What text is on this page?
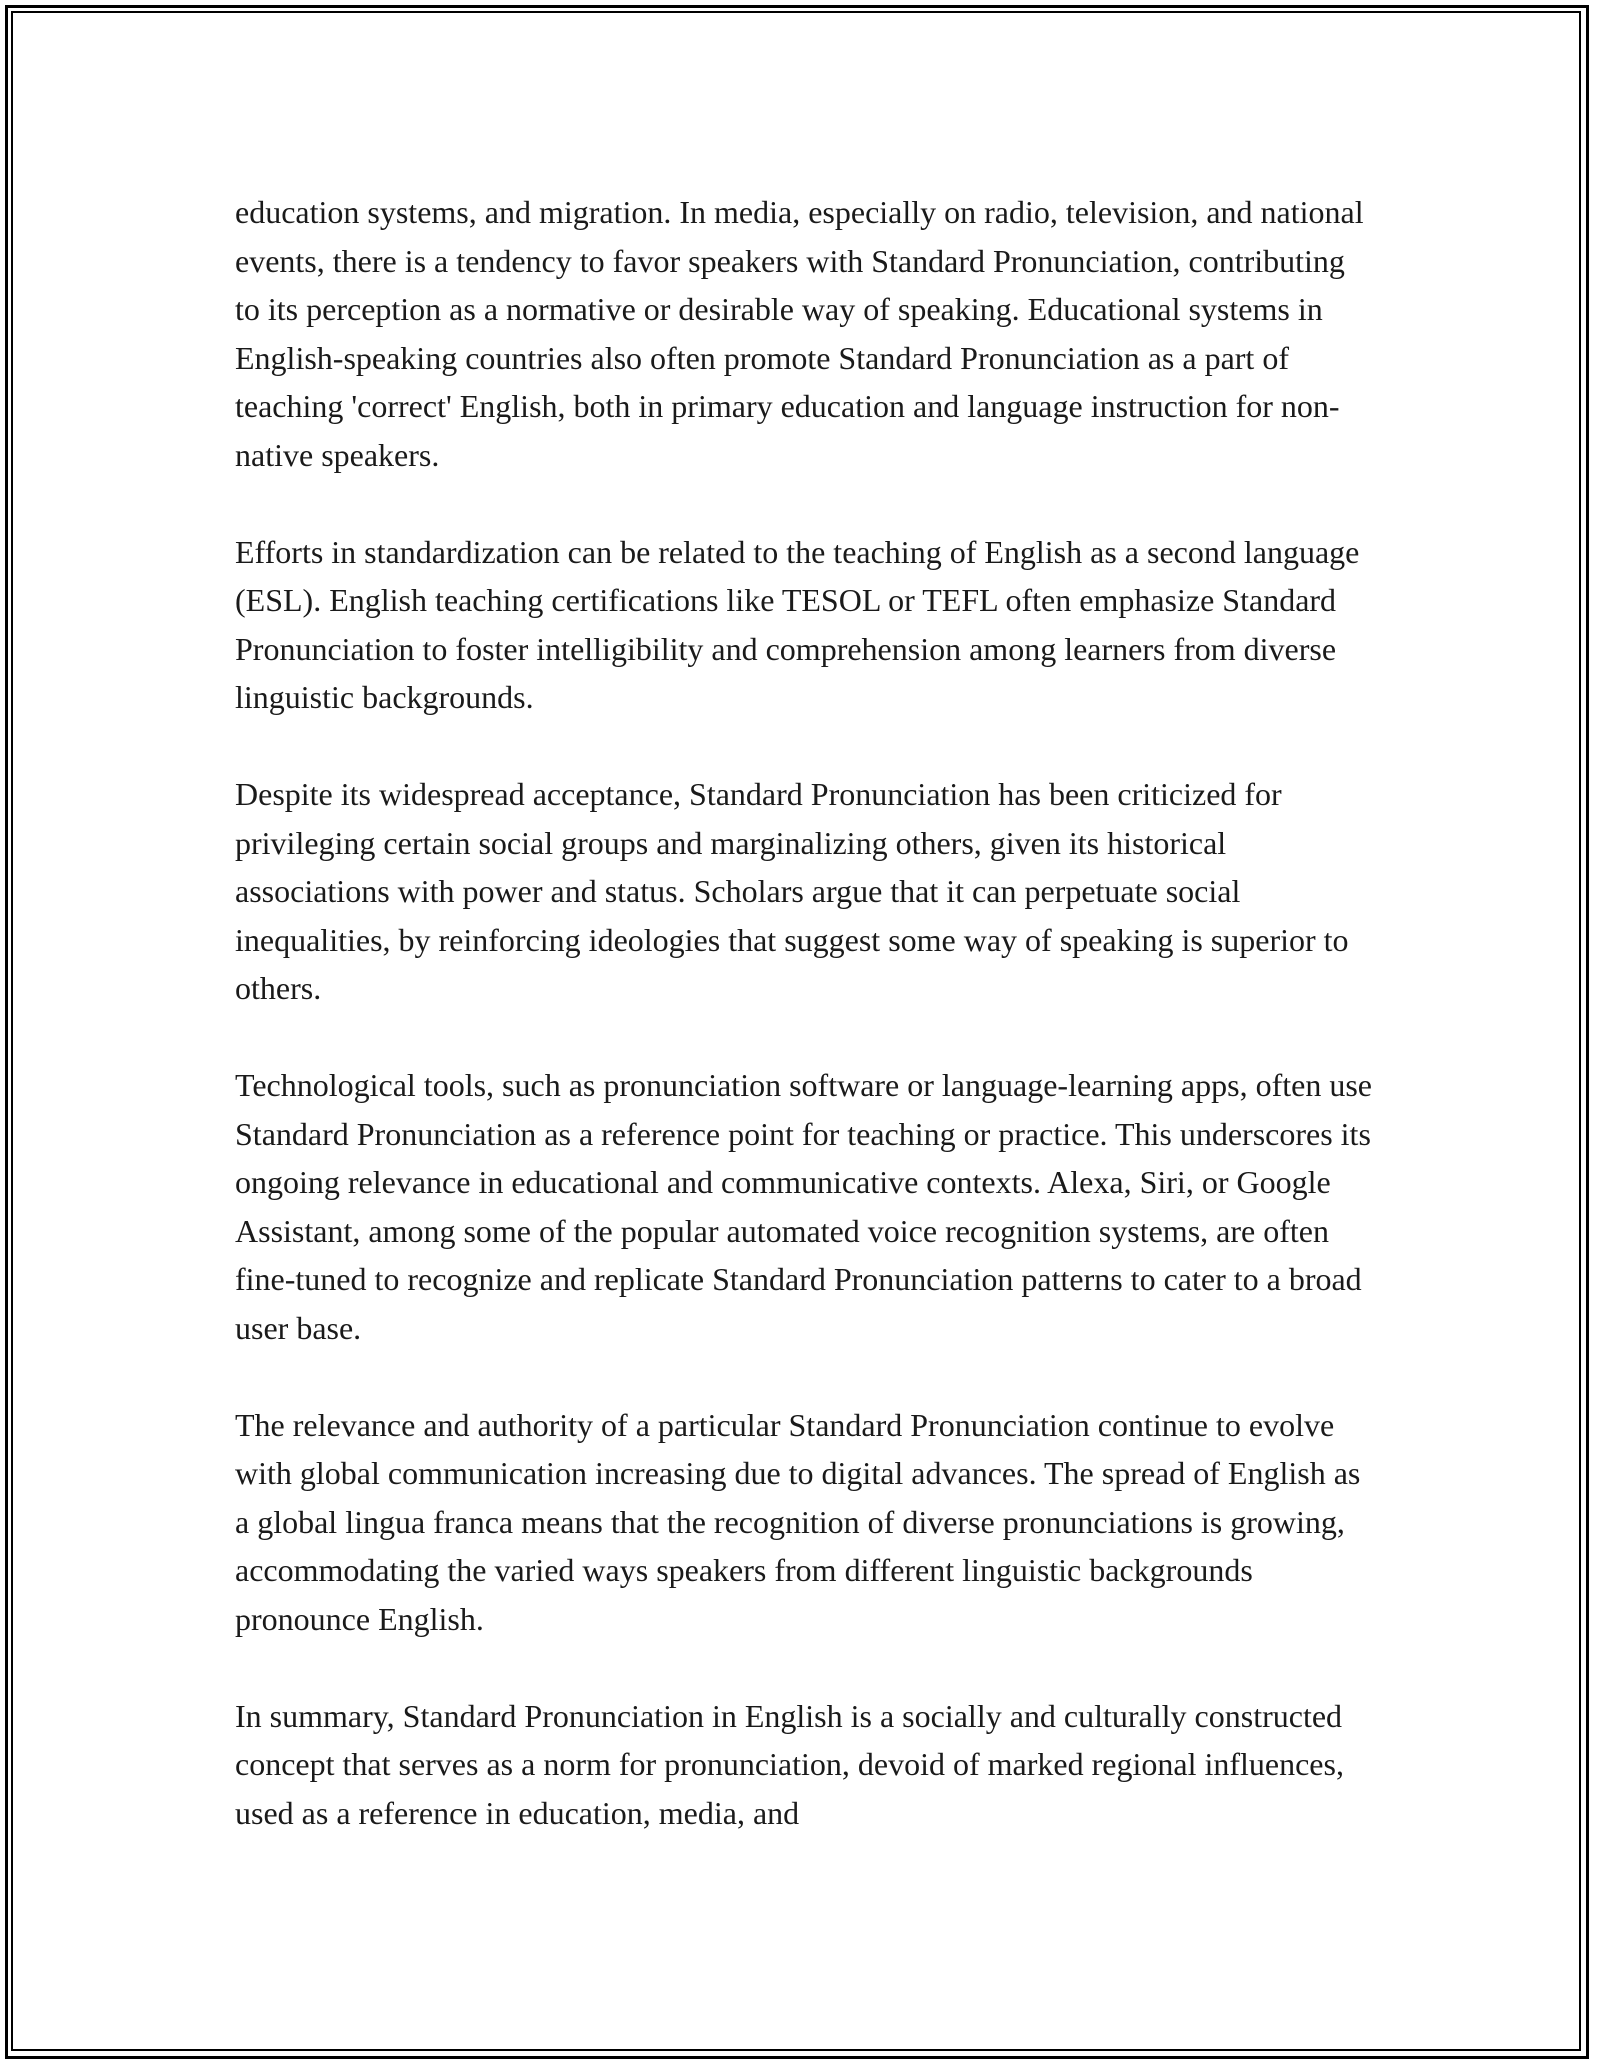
education systems, and migration. In media, especially on radio, television, and national events, there is a tendency to favor speakers with Standard Pronunciation, contributing to its perception as a normative or desirable way of speaking. Educational systems in English-speaking countries also often promote Standard Pronunciation as a part of teaching 'correct' English, both in primary education and language instruction for non-native speakers.

Efforts in standardization can be related to the teaching of English as a second language (ESL). English teaching certifications like TESOL or TEFL often emphasize Standard Pronunciation to foster intelligibility and comprehension among learners from diverse linguistic backgrounds.

Despite its widespread acceptance, Standard Pronunciation has been criticized for privileging certain social groups and marginalizing others, given its historical associations with power and status. Scholars argue that it can perpetuate social inequalities, by reinforcing ideologies that suggest some way of speaking is superior to others.

Technological tools, such as pronunciation software or language-learning apps, often use Standard Pronunciation as a reference point for teaching or practice. This underscores its ongoing relevance in educational and communicative contexts. Alexa, Siri, or Google Assistant, among some of the popular automated voice recognition systems, are often fine-tuned to recognize and replicate Standard Pronunciation patterns to cater to a broad user base.

The relevance and authority of a particular Standard Pronunciation continue to evolve with global communication increasing due to digital advances. The spread of English as a global lingua franca means that the recognition of diverse pronunciations is growing, accommodating the varied ways speakers from different linguistic backgrounds pronounce English.

In summary, Standard Pronunciation in English is a socially and culturally constructed concept that serves as a norm for pronunciation, devoid of marked regional influences, used as a reference in education, media, and
